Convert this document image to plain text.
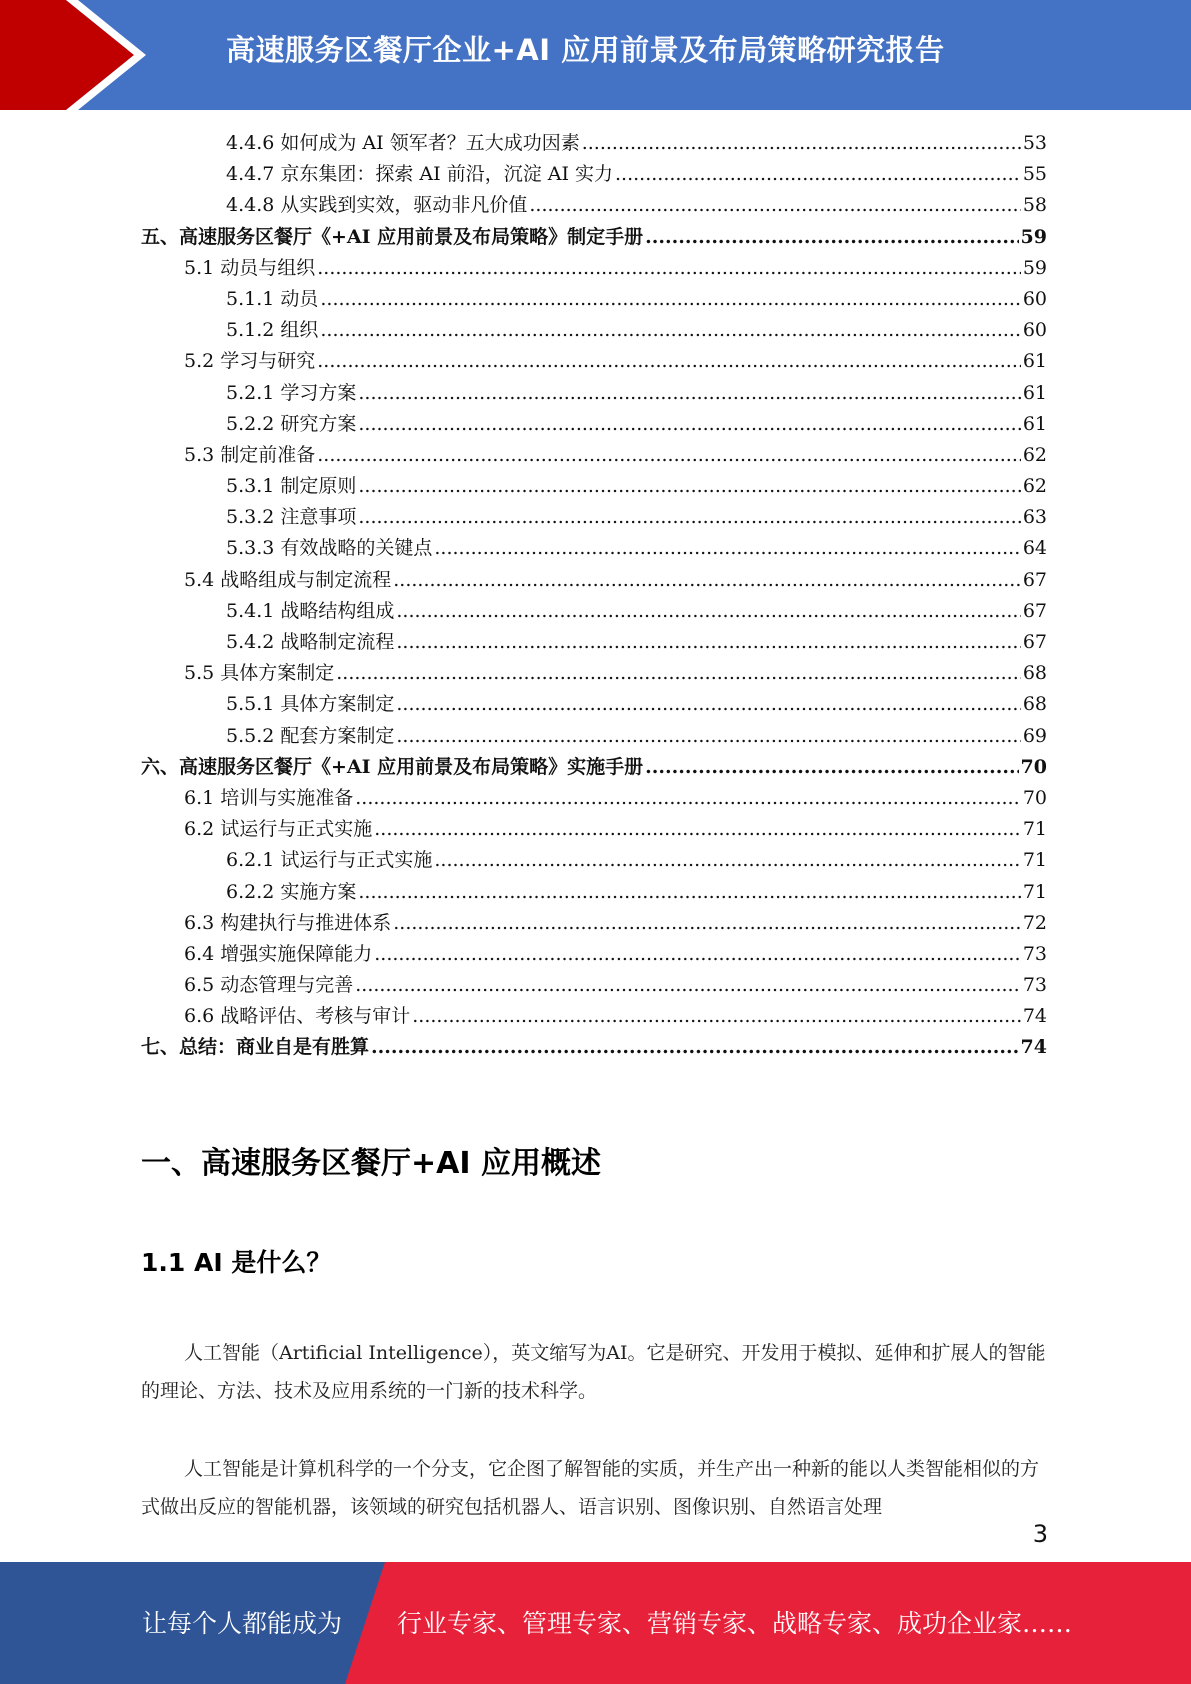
高速服务区餐厅企业+AI 应用前景及布局策略研究报告
4.4.6 如何成为 AI 领军者？五大成功因素 .....	53
4.4.7 京东集团：探索 AI 前沿，沉淀 AI 实力 .....	55
4.4.8 从实践到实效，驱动非凡价值 .....	58
五、高速服务区餐厅《+AI 应用前景及布局策略》制定手册 .....	59
5.1 动员与组织 .....	59
5.1.1 动员 .....	60
5.1.2 组织 .....	60
5.2 学习与研究 .....	61
5.2.1 学习方案 .....	61
5.2.2 研究方案 .....	61
5.3 制定前准备 .....	62
5.3.1 制定原则 .....	62
5.3.2 注意事项 .....	63
5.3.3 有效战略的关键点 .....	64
5.4 战略组成与制定流程 .....	67
5.4.1 战略结构组成 .....	67
5.4.2 战略制定流程 .....	67
5.5 具体方案制定 .....	68
5.5.1 具体方案制定 .....	68
5.5.2 配套方案制定 .....	69
六、高速服务区餐厅《+AI 应用前景及布局策略》实施手册 .....	70
6.1 培训与实施准备 .....	70
6.2 试运行与正式实施 .....	71
6.2.1 试运行与正式实施 .....	71
6.2.2 实施方案 .....	71
6.3 构建执行与推进体系 .....	72
6.4 增强实施保障能力 .....	73
6.5 动态管理与完善 .....	73
6.6 战略评估、考核与审计 .....	74
七、总结：商业自是有胜算 .....	74
一、高速服务区餐厅+AI 应用概述
1.1 AI 是什么？

人工智能（Artificial Intelligence），英文缩写为AI。它是研究、开发用于模拟、延伸和扩展人的智能的理论、方法、技术及应用系统的一门新的技术科学。

人工智能是计算机科学的一个分支，它企图了解智能的实质，并生产出一种新的能以人类智能相似的方式做出反应的智能机器，该领域的研究包括机器人、语言识别、图像识别、自然语言处理

3
让每个人都能成为 行业专家、管理专家、营销专家、战略专家、成功企业家……
